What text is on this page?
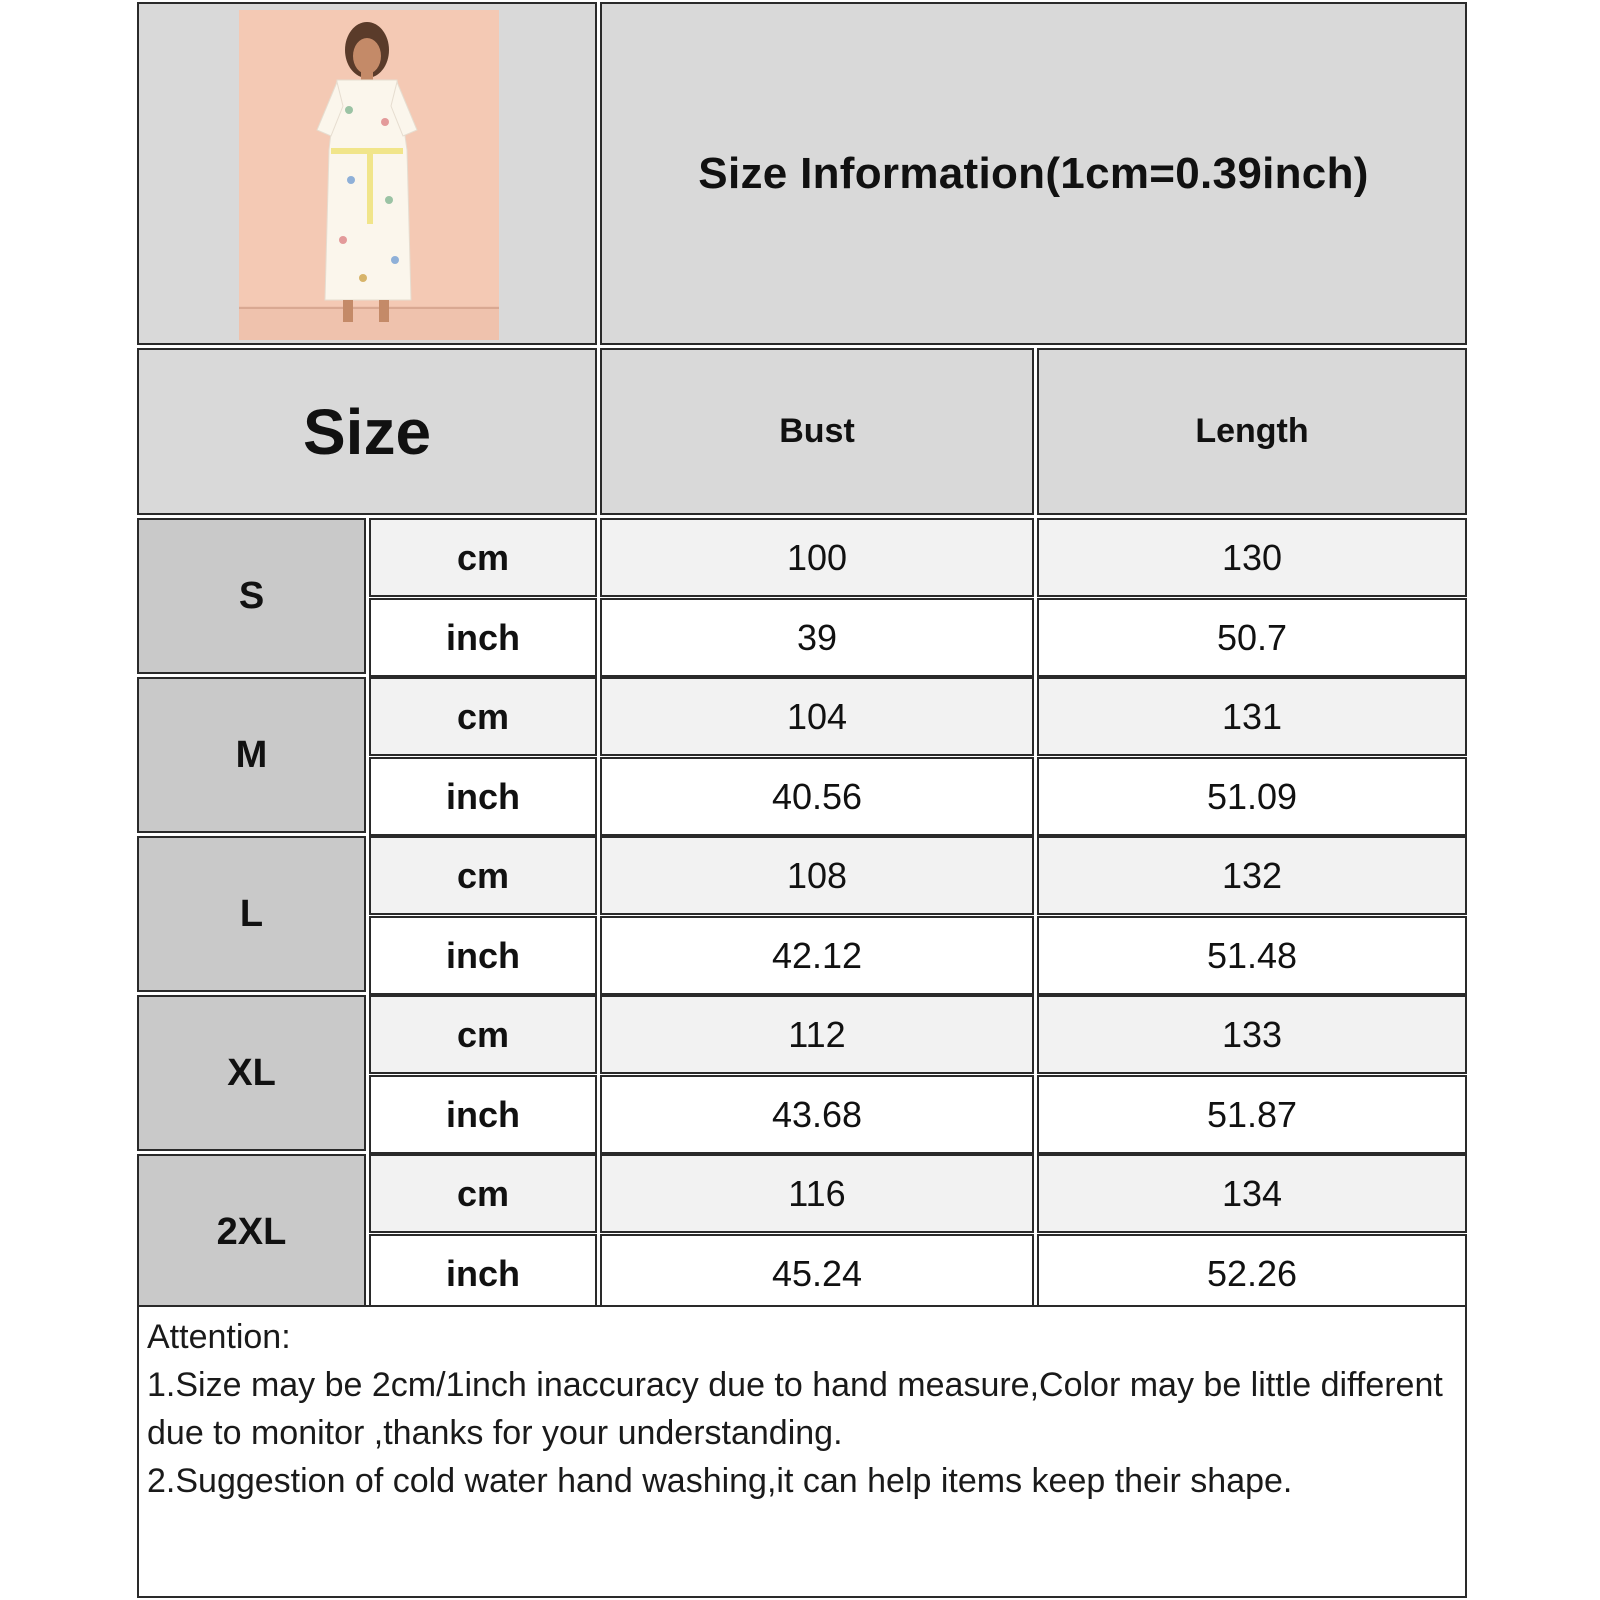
Size Information(1cm=0.39inch)
Size	Bust	Length
S
cm	100	130
inch	39	50.7
M
cm	104	131
inch	40.56	51.09
L
cm	108	132
inch	42.12	51.48
XL
cm	112	133
inch	43.68	51.87
2XL
cm	116	134
inch	45.24	52.26
Attention:
1.Size may be 2cm/1inch inaccuracy due to hand measure,Color may be little different due to monitor ,thanks for your understanding.
2.Suggestion of cold water hand washing,it can help items keep their shape.
